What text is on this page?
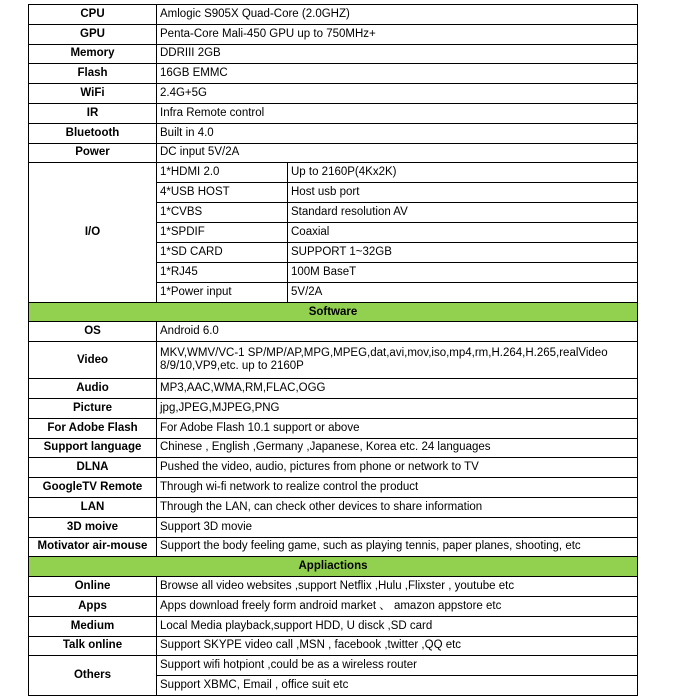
CPU	Amlogic S905X Quad-Core (2.0GHZ)
GPU	Penta-Core Mali-450 GPU up to 750MHz+
Memory	DDRIII 2GB
Flash	16GB EMMC
WiFi	2.4G+5G
IR	Infra Remote control
Bluetooth	Built in 4.0
Power	DC input 5V/2A
I/O	
1*HDMI 2.0	Up to 2160P(4Kx2K)
4*USB HOST	Host usb port
1*CVBS	Standard resolution AV
1*SPDIF	Coaxial
1*SD CARD	SUPPORT 1~32GB
1*RJ45	100M BaseT
1*Power input	5V/2A

Software
OS	Android 6.0
Video	MKV,WMV/VC-1 SP/MP/AP,MPG,MPEG,dat,avi,mov,iso,mp4,rm,H.264,H.265,realVideo 8/9/10,VP9,etc. up to 2160P
Audio	MP3,AAC,WMA,RM,FLAC,OGG
Picture	jpg,JPEG,MJPEG,PNG
For Adobe Flash	For Adobe Flash 10.1 support or above
Support language	Chinese , English ,Germany ,Japanese, Korea etc. 24 languages
DLNA	Pushed the video, audio, pictures from phone or network to TV
GoogleTV Remote	Through wi-fi network to realize control the product
LAN	Through the LAN, can check other devices to share information
3D moive	Support 3D movie
Motivator air-mouse	Support the body feeling game, such as playing tennis, paper planes, shooting, etc
Appliactions
Online	Browse all video websites ,support Netflix ,Hulu ,Flixster , youtube etc
Apps	Apps download freely form android market 、 amazon appstore etc
Medium	Local Media playback,support HDD, U disck ,SD card
Talk online	Support SKYPE video call ,MSN , facebook ,twitter ,QQ etc
Others	Support wifi hotpiont ,could be as a wireless router
Support XBMC, Email , office suit etc
